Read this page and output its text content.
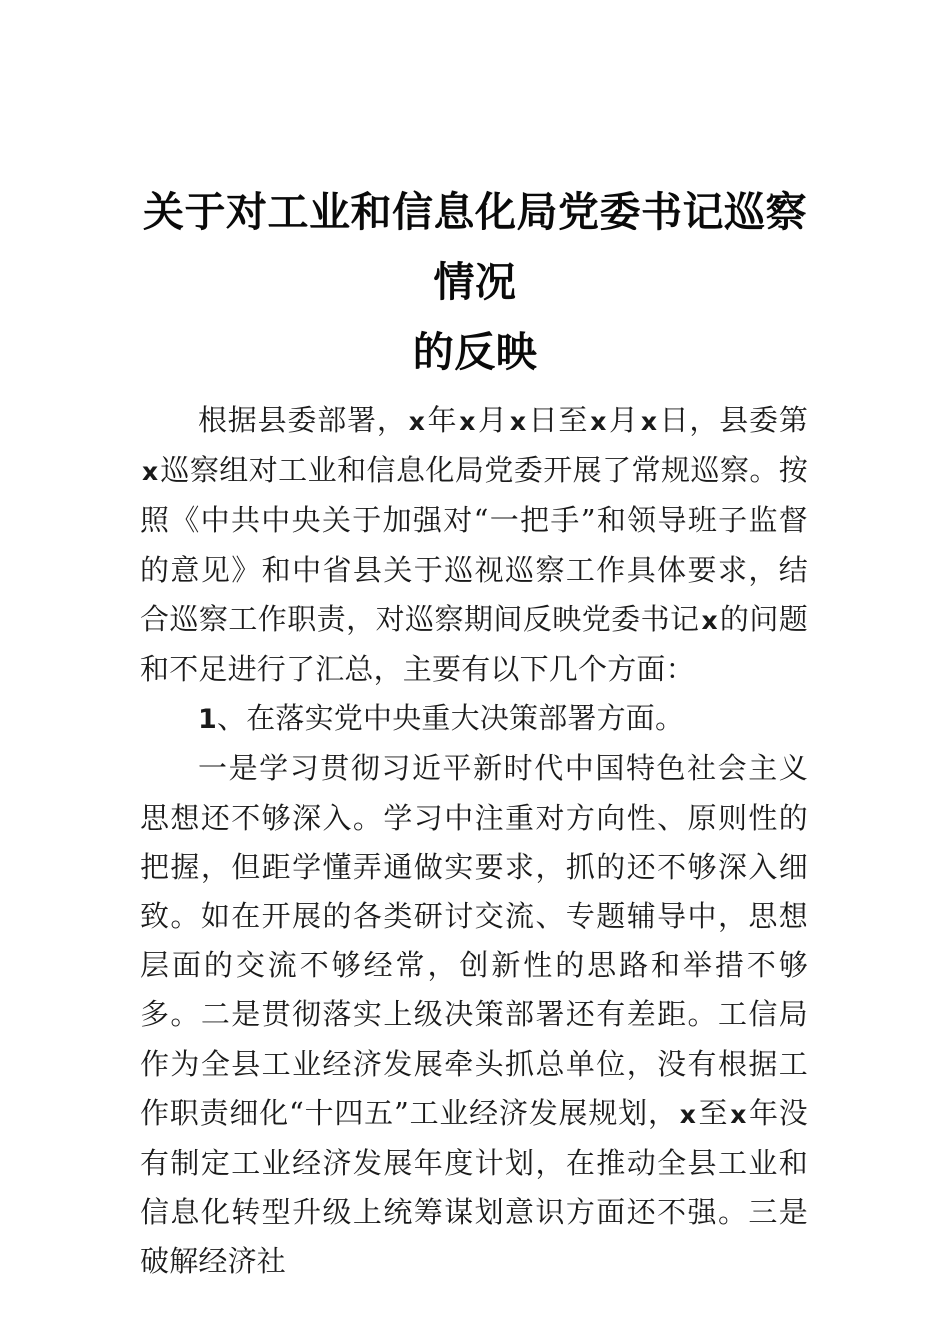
关于对工业和信息化局党委书记巡察情况
的反映

根据县委部署，x年x月x日至x月x日，县委第x巡察组对工业和信息化局党委开展了常规巡察。按照《中共中央关于加强对“一把手”和领导班子监督的意见》和中省县关于巡视巡察工作具体要求，结合巡察工作职责，对巡察期间反映党委书记x的问题和不足进行了汇总，主要有以下几个方面：

1、在落实党中央重大决策部署方面。

一是学习贯彻习近平新时代中国特色社会主义思想还不够深入。学习中注重对方向性、原则性的把握，但距学懂弄通做实要求，抓的还不够深入细致。如在开展的各类研讨交流、专题辅导中，思想层面的交流不够经常，创新性的思路和举措不够多。二是贯彻落实上级决策部署还有差距。工信局作为全县工业经济发展牵头抓总单位，没有根据工作职责细化“十四五”工业经济发展规划，x至x年没有制定工业经济发展年度计划，在推动全县工业和信息化转型升级上统筹谋划意识方面还不强。三是破解经济社
